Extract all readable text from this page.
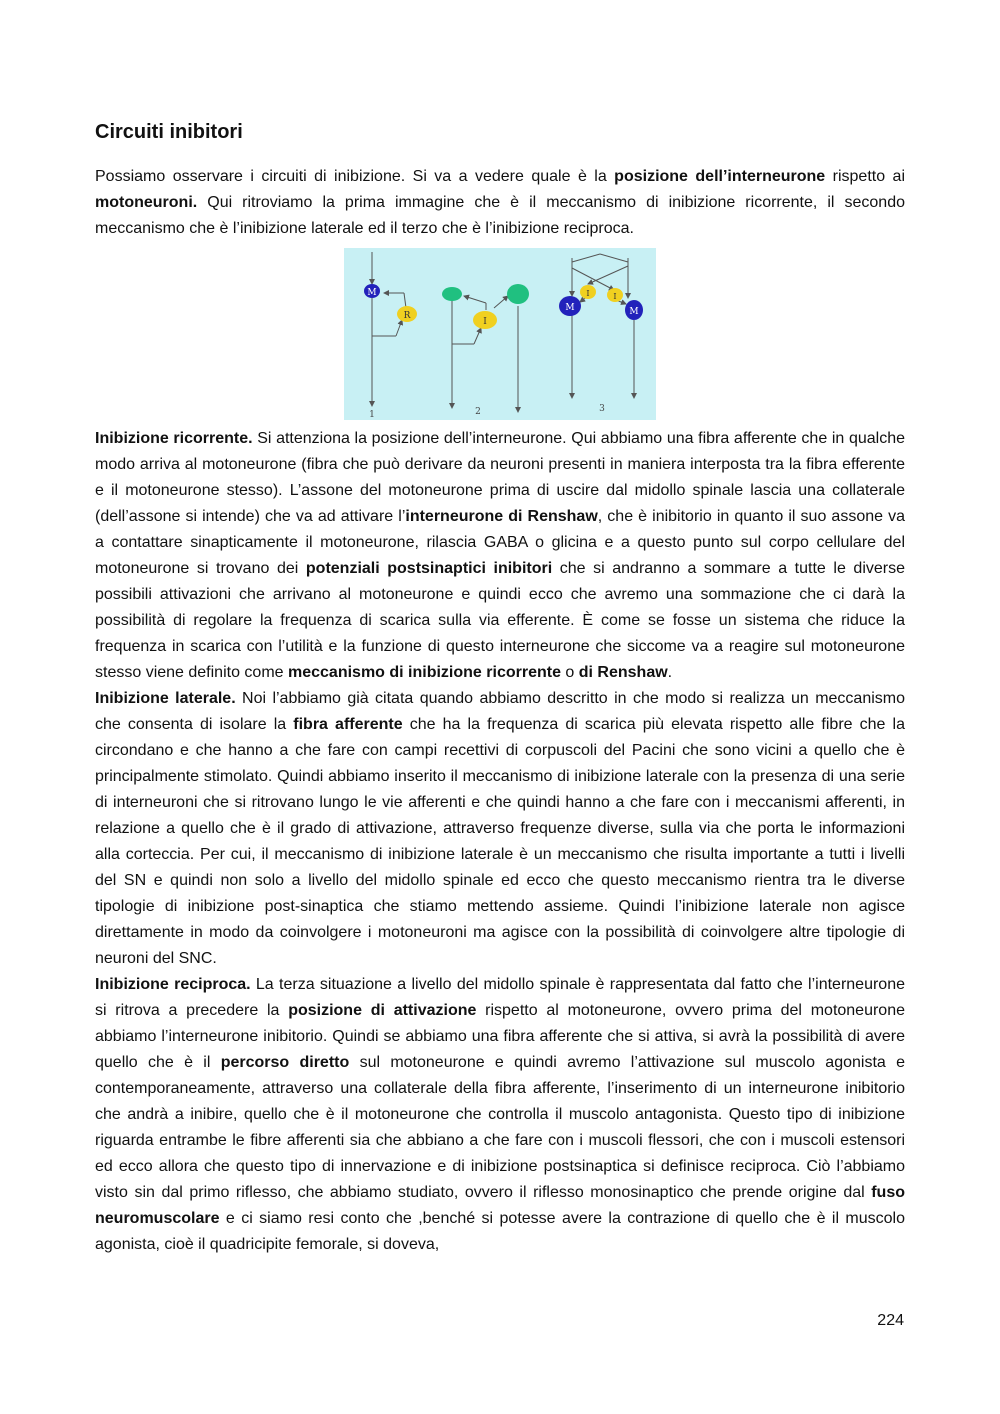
Circuiti inibitori

Possiamo osservare i circuiti di inibizione. Si va a vedere quale è la posizione dell’interneurone rispetto ai motoneuroni. Qui ritroviamo la prima immagine che è il meccanismo di inibizione ricorrente, il secondo meccanismo che è l’inibizione laterale ed il terzo che è l’inibizione reciproca.

M
R
I
M
I	I
M
1	2	3

Inibizione ricorrente. Si attenziona la posizione dell’interneurone. Qui abbiamo una fibra afferente che in qualche modo arriva al motoneurone (fibra che può derivare da neuroni presenti in maniera interposta tra la fibra efferente e il motoneurone stesso). L’assone del motoneurone prima di uscire dal midollo spinale lascia una collaterale (dell’assone si intende) che va ad attivare l’interneurone di Renshaw, che è inibitorio in quanto il suo assone va a contattare sinapticamente il motoneurone, rilascia GABA o glicina e a questo punto sul corpo cellulare del motoneurone si trovano dei potenziali postsinaptici inibitori che si andranno a sommare a tutte le diverse possibili attivazioni che arrivano al motoneurone e quindi ecco che avremo una sommazione che ci darà la possibilità di regolare la frequenza di scarica sulla via efferente. È come se fosse un sistema che riduce la frequenza in scarica con l’utilità e la funzione di questo interneurone che siccome va a reagire sul motoneurone stesso viene definito come meccanismo di inibizione ricorrente o di Renshaw.

Inibizione laterale. Noi l’abbiamo già citata quando abbiamo descritto in che modo si realizza un meccanismo che consenta di isolare la fibra afferente che ha la frequenza di scarica più elevata rispetto alle fibre che la circondano e che hanno a che fare con campi recettivi di corpuscoli del Pacini che sono vicini a quello che è principalmente stimolato. Quindi abbiamo inserito il meccanismo di inibizione laterale con la presenza di una serie di interneuroni che si ritrovano lungo le vie afferenti e che quindi hanno a che fare con i meccanismi afferenti, in relazione a quello che è il grado di attivazione, attraverso frequenze diverse, sulla via che porta le informazioni alla corteccia. Per cui, il meccanismo di inibizione laterale è un meccanismo che risulta importante a tutti i livelli del SN e quindi non solo a livello del midollo spinale ed ecco che questo meccanismo rientra tra le diverse tipologie di inibizione post-sinaptica che stiamo mettendo assieme. Quindi l’inibizione laterale non agisce direttamente in modo da coinvolgere i motoneuroni ma agisce con la possibilità di coinvolgere altre tipologie di neuroni del SNC.

Inibizione reciproca. La terza situazione a livello del midollo spinale è rappresentata dal fatto che l’interneurone si ritrova a precedere la posizione di attivazione rispetto al motoneurone, ovvero prima del motoneurone abbiamo l’interneurone inibitorio. Quindi se abbiamo una fibra afferente che si attiva, si avrà la possibilità di avere quello che è il percorso diretto sul motoneurone e quindi avremo l’attivazione sul muscolo agonista e contemporaneamente, attraverso una collaterale della fibra afferente, l’inserimento di un interneurone inibitorio che andrà a inibire, quello che è il motoneurone che controlla il muscolo antagonista. Questo tipo di inibizione riguarda entrambe le fibre afferenti sia che abbiano a che fare con i muscoli flessori, che con i muscoli estensori ed ecco allora che questo tipo di innervazione e di inibizione postsinaptica si definisce reciproca. Ciò l’abbiamo visto sin dal primo riflesso, che abbiamo studiato, ovvero il riflesso monosinaptico che prende origine dal fuso neuromuscolare e ci siamo resi conto che ,benché si potesse avere la contrazione di quello che è il muscolo agonista, cioè il quadricipite femorale, si doveva,

224
